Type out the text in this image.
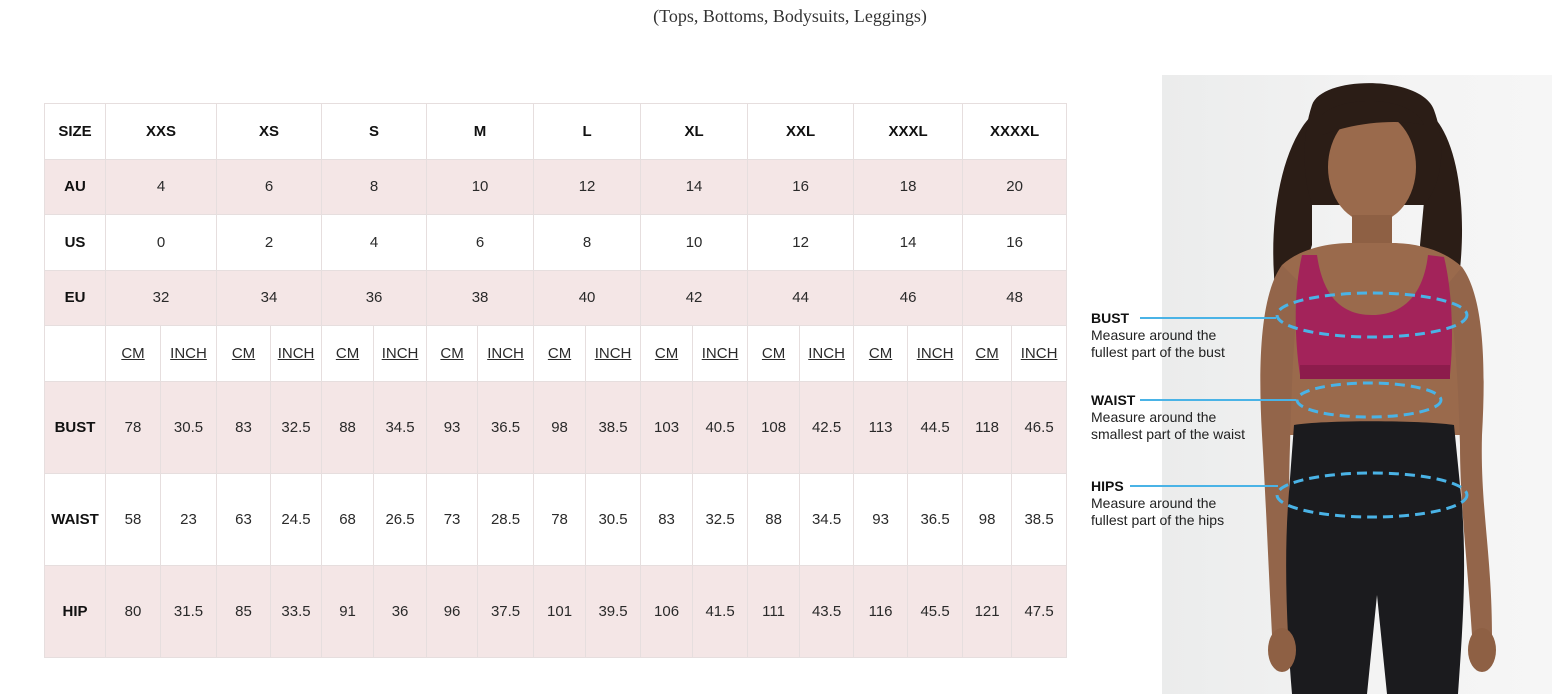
(Tops, Bottoms, Bodysuits, Leggings)
SIZE	XXS		XS		S		M		L		XL		XXL		XXXL		XXXXL	
AU	4		6		8		10		12		14		16		18		20	
US	0		2		4		6		8		10		12		14		16	
EU	32		34		36		38		40		42		44		46		48	
	CM	INCH	CM	INCH	CM	INCH	CM	INCH	CM	INCH	CM	INCH	CM	INCH	CM	INCH	CM	INCH
BUST	78	30.5	83	32.5	88	34.5	93	36.5	98	38.5	103	40.5	108	42.5	113	44.5	118	46.5
WAIST	58	23	63	24.5	68	26.5	73	28.5	78	30.5	83	32.5	88	34.5	93	36.5	98	38.5
HIP	80	31.5	85	33.5	91	36	96	37.5	101	39.5	106	41.5	111	43.5	116	45.5	121	47.5
BUST
Measure around the
fullest part of the bust
WAIST
Measure around the
smallest part of the waist
HIPS
Measure around the
fullest part of the hips
